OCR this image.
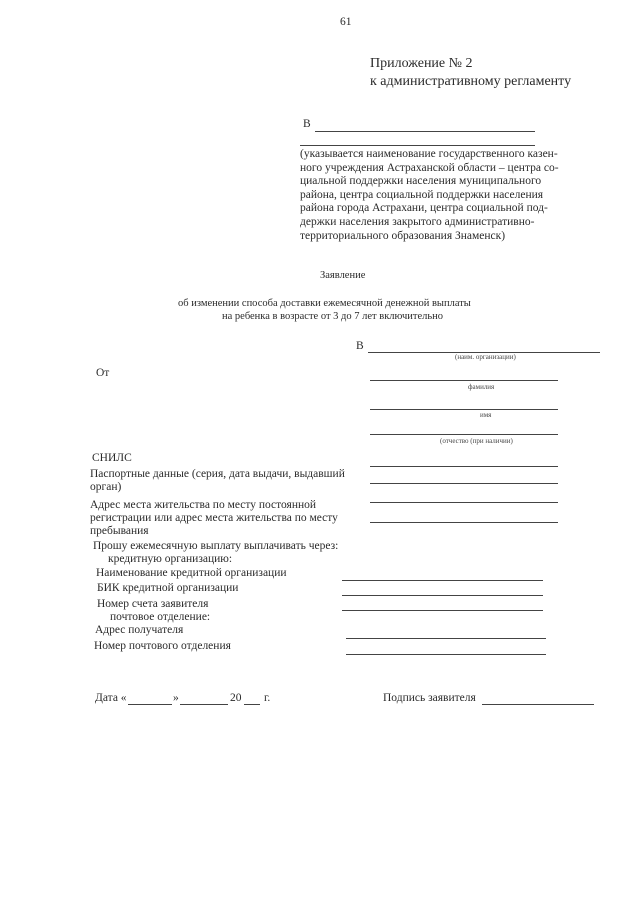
61
Приложение № 2
к административному регламенту
В
(указывается наименование государственного казен-
ного учреждения Астраханской области – центра со-
циальной поддержки населения муниципального
района, центра социальной поддержки населения
района города Астрахани, центра социальной под-
держки населения закрытого административно-
территориального образования Знаменск)
Заявление
об изменении способа доставки ежемесячной денежной выплаты
на ребенка в возрасте от 3 до 7 лет включительно
В
(наим. организации)
От
фамилия
имя
(отчество (при наличии)
СНИЛС
Паспортные данные (серия, дата выдачи, выдавший
орган)
Адрес места жительства по месту постоянной
регистрации или адрес места жительства по месту
пребывания
Прошу ежемесячную выплату выплачивать через:
кредитную организацию:
Наименование кредитной организации
БИК кредитной организации
Номер счета заявителя
почтовое отделение:
Адрес получателя
Номер почтового отделения
Дата «	»	20 г.	Подпись заявителя
